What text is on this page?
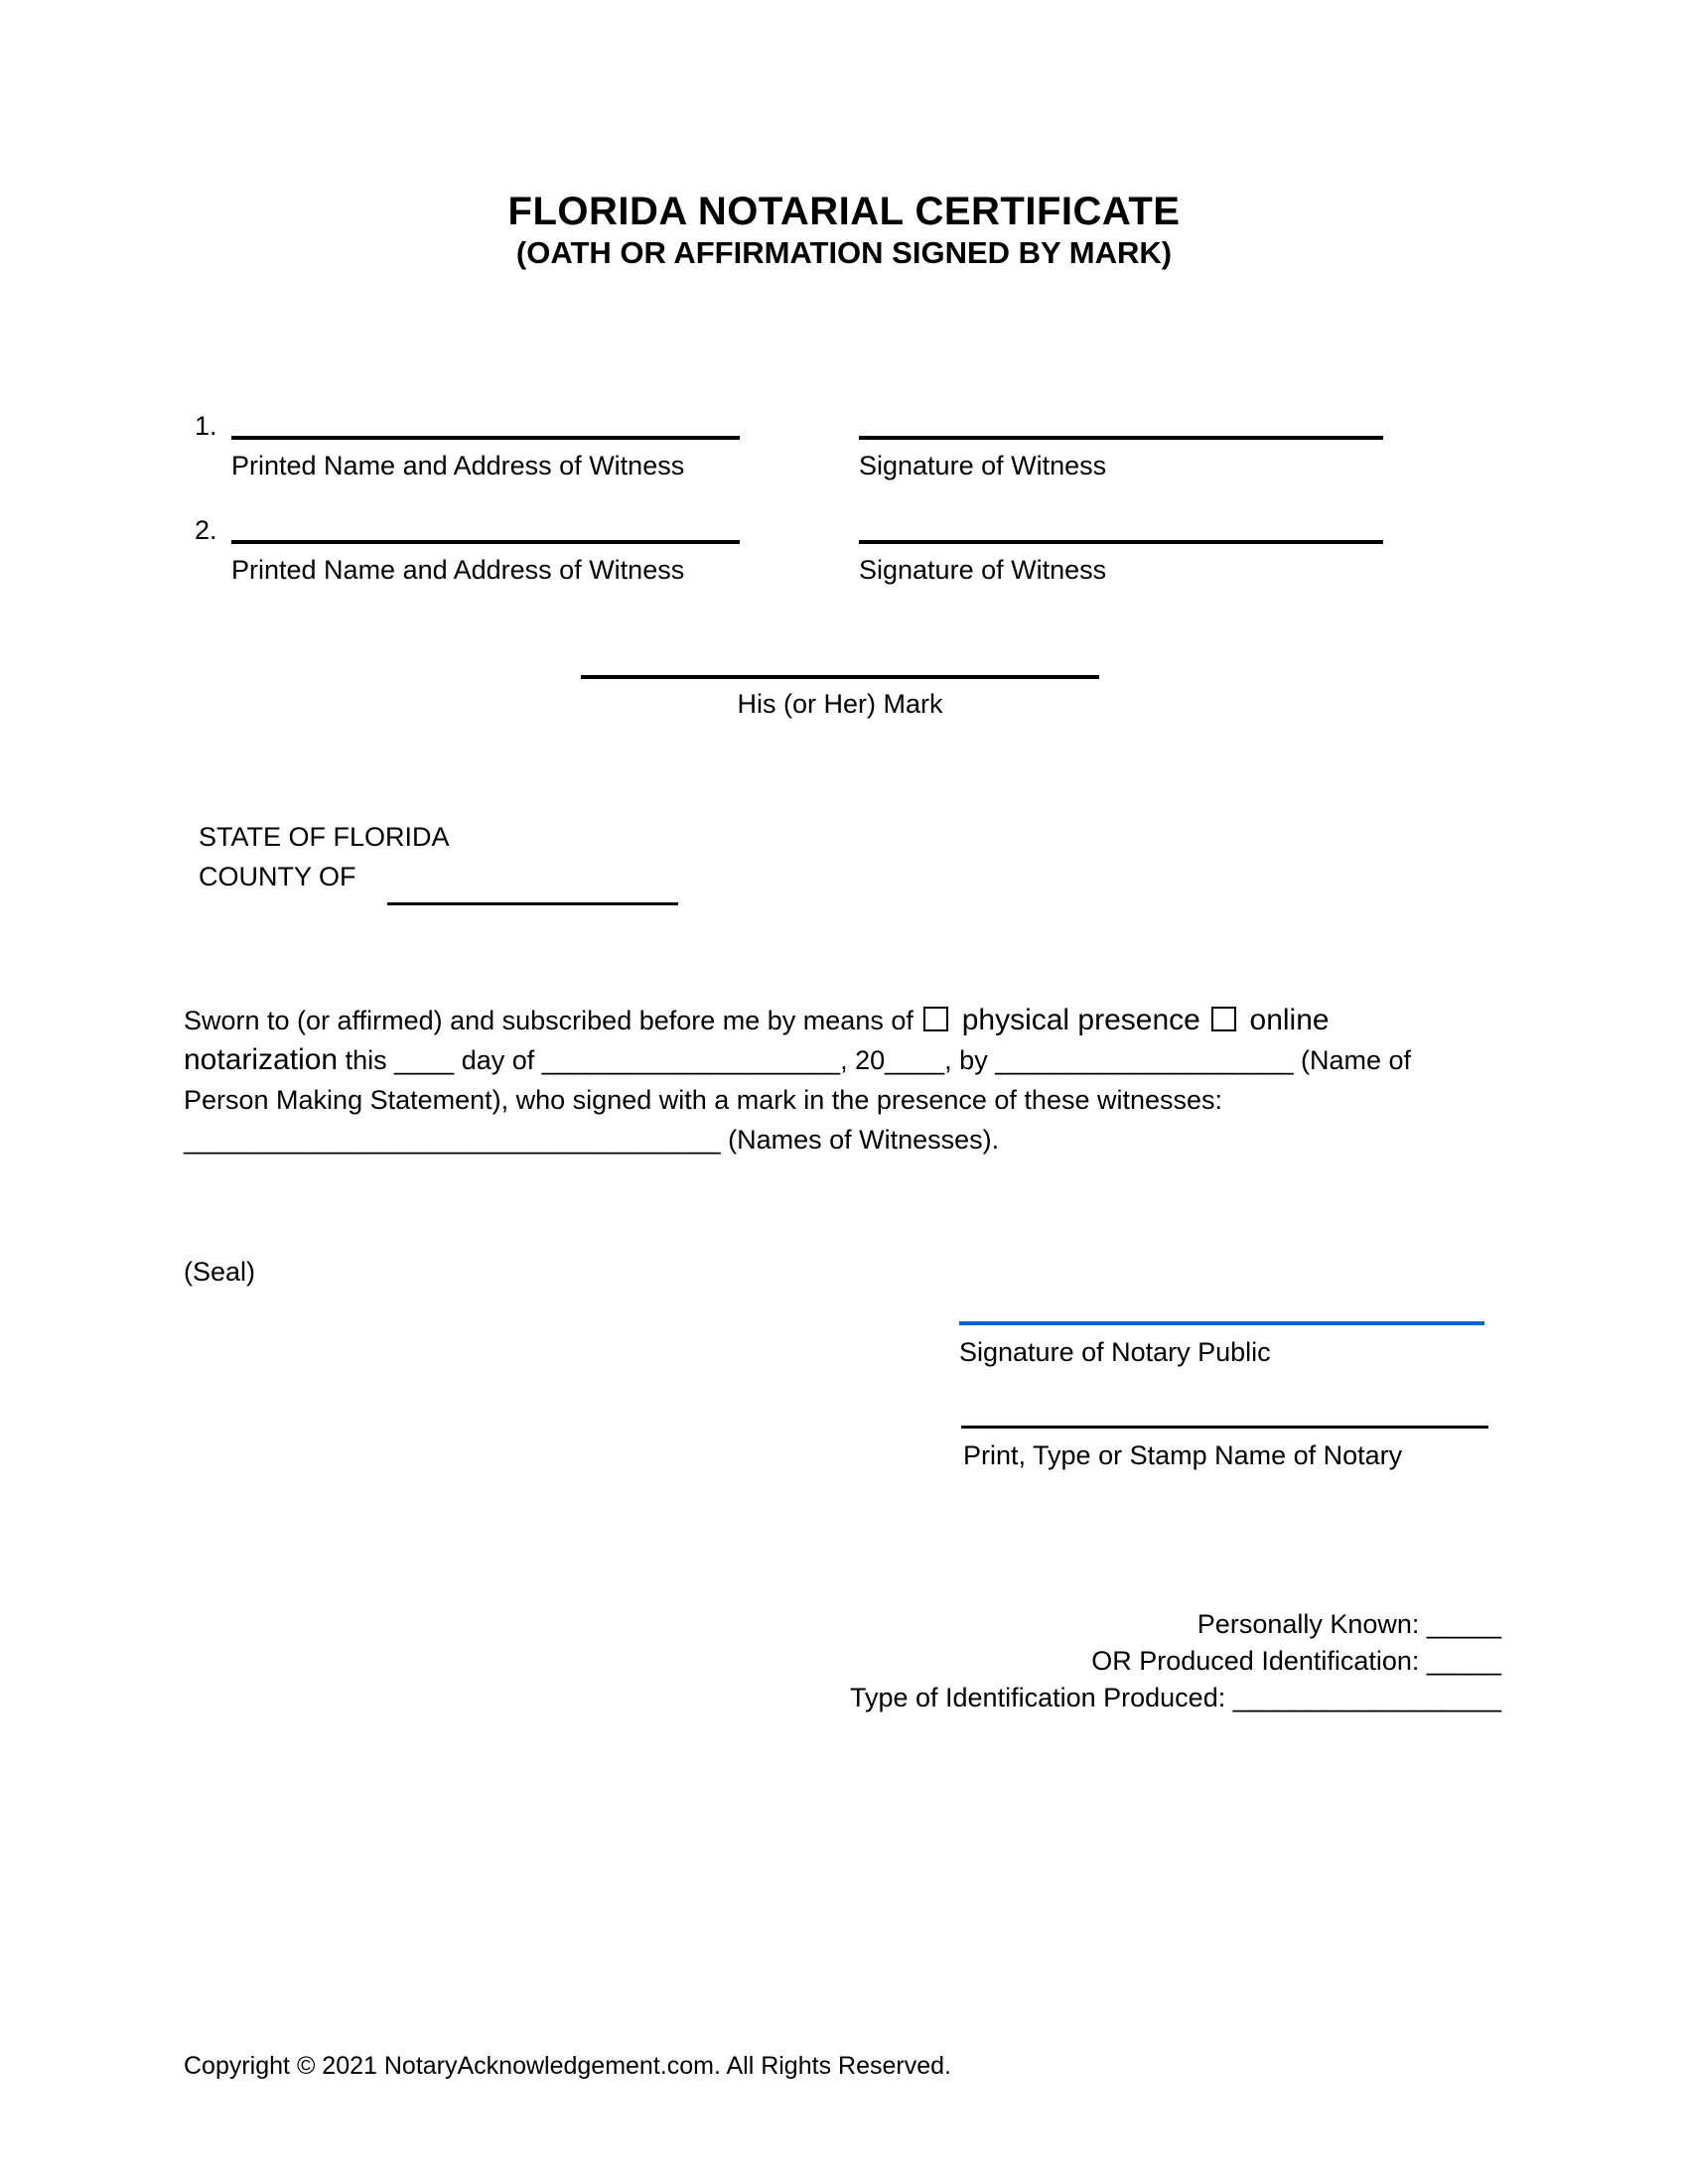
FLORIDA NOTARIAL CERTIFICATE
(OATH OR AFFIRMATION SIGNED BY MARK)
1.
Printed Name and Address of Witness	Signature of Witness
2.
Printed Name and Address of Witness	Signature of Witness
His (or Her) Mark
STATE OF FLORIDA
COUNTY OF
Sworn to (or affirmed) and subscribed before me by means of  physical presence  online
notarization this ____ day of ____________________, 20____, by ____________________ (Name of
Person Making Statement), who signed with a mark in the presence of these witnesses:
____________________________________ (Names of Witnesses).
(Seal)
Signature of Notary Public
Print, Type or Stamp Name of Notary
Personally Known: _____
OR Produced Identification: _____
Type of Identification Produced: __________________
Copyright © 2021 NotaryAcknowledgement.com. All Rights Reserved.
